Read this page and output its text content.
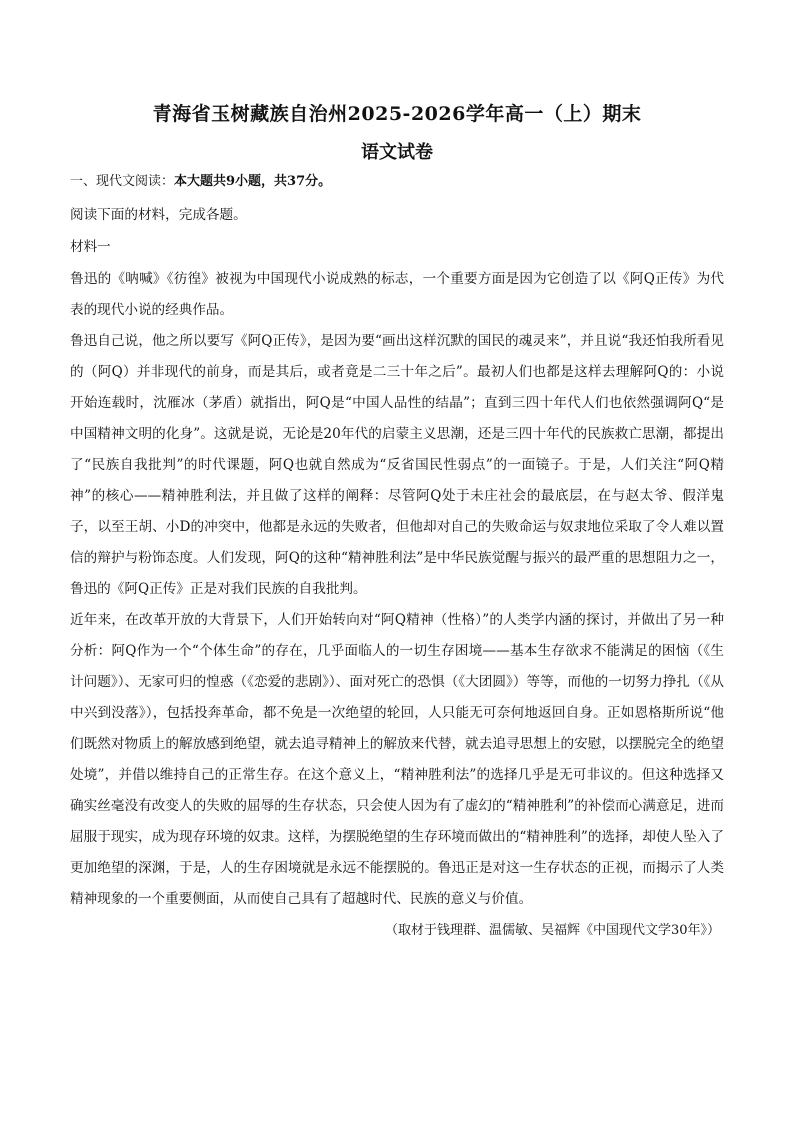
青海省玉树藏族自治州2025-2026学年高一（上）期末
语文试卷

一、现代文阅读：本大题共9小题，共37分。

阅读下面的材料，完成各题。

材料一

鲁迅的《呐喊》《彷徨》被视为中国现代小说成熟的标志，一个重要方面是因为它创造了以《阿Q正传》为代表的现代小说的经典作品。

鲁迅自己说，他之所以要写《阿Q正传》，是因为要“画出这样沉默的国民的魂灵来”，并且说“我还怕我所看见的（阿Q）并非现代的前身，而是其后，或者竟是二三十年之后”。最初人们也都是这样去理解阿Q的：小说开始连载时，沈雁冰（茅盾）就指出，阿Q是“中国人品性的结晶”；直到三四十年代人们也依然强调阿Q“是中国精神文明的化身”。这就是说，无论是20年代的启蒙主义思潮，还是三四十年代的民族救亡思潮，都提出了“民族自我批判”的时代课题，阿Q也就自然成为“反省国民性弱点”的一面镜子。于是，人们关注“阿Q精神”的核心——精神胜利法，并且做了这样的阐释：尽管阿Q处于未庄社会的最底层，在与赵太爷、假洋鬼子，以至王胡、小D的冲突中，他都是永远的失败者，但他却对自己的失败命运与奴隶地位采取了令人难以置信的辩护与粉饰态度。人们发现，阿Q的这种“精神胜利法”是中华民族觉醒与振兴的最严重的思想阻力之一，鲁迅的《阿Q正传》正是对我们民族的自我批判。

近年来，在改革开放的大背景下，人们开始转向对“阿Q精神（性格）”的人类学内涵的探讨，并做出了另一种分析：阿Q作为一个“个体生命”的存在，几乎面临人的一切生存困境——基本生存欲求不能满足的困恼（《生计问题》）、无家可归的惶惑（《恋爱的悲剧》）、面对死亡的恐惧（《大团圆》）等等，而他的一切努力挣扎（《从中兴到没落》），包括投奔革命，都不免是一次绝望的轮回，人只能无可奈何地返回自身。正如恩格斯所说“他们既然对物质上的解放感到绝望，就去追寻精神上的解放来代替，就去追寻思想上的安慰，以摆脱完全的绝望处境”，并借以维持自己的正常生存。在这个意义上，“精神胜利法”的选择几乎是无可非议的。但这种选择又确实丝毫没有改变人的失败的屈辱的生存状态，只会使人因为有了虚幻的“精神胜利”的补偿而心满意足，进而屈服于现实，成为现存环境的奴隶。这样，为摆脱绝望的生存环境而做出的“精神胜利”的选择，却使人坠入了更加绝望的深渊，于是，人的生存困境就是永远不能摆脱的。鲁迅正是对这一生存状态的正视，而揭示了人类精神现象的一个重要侧面，从而使自己具有了超越时代、民族的意义与价值。

（取材于钱理群、温儒敏、吴福辉《中国现代文学30年》）
